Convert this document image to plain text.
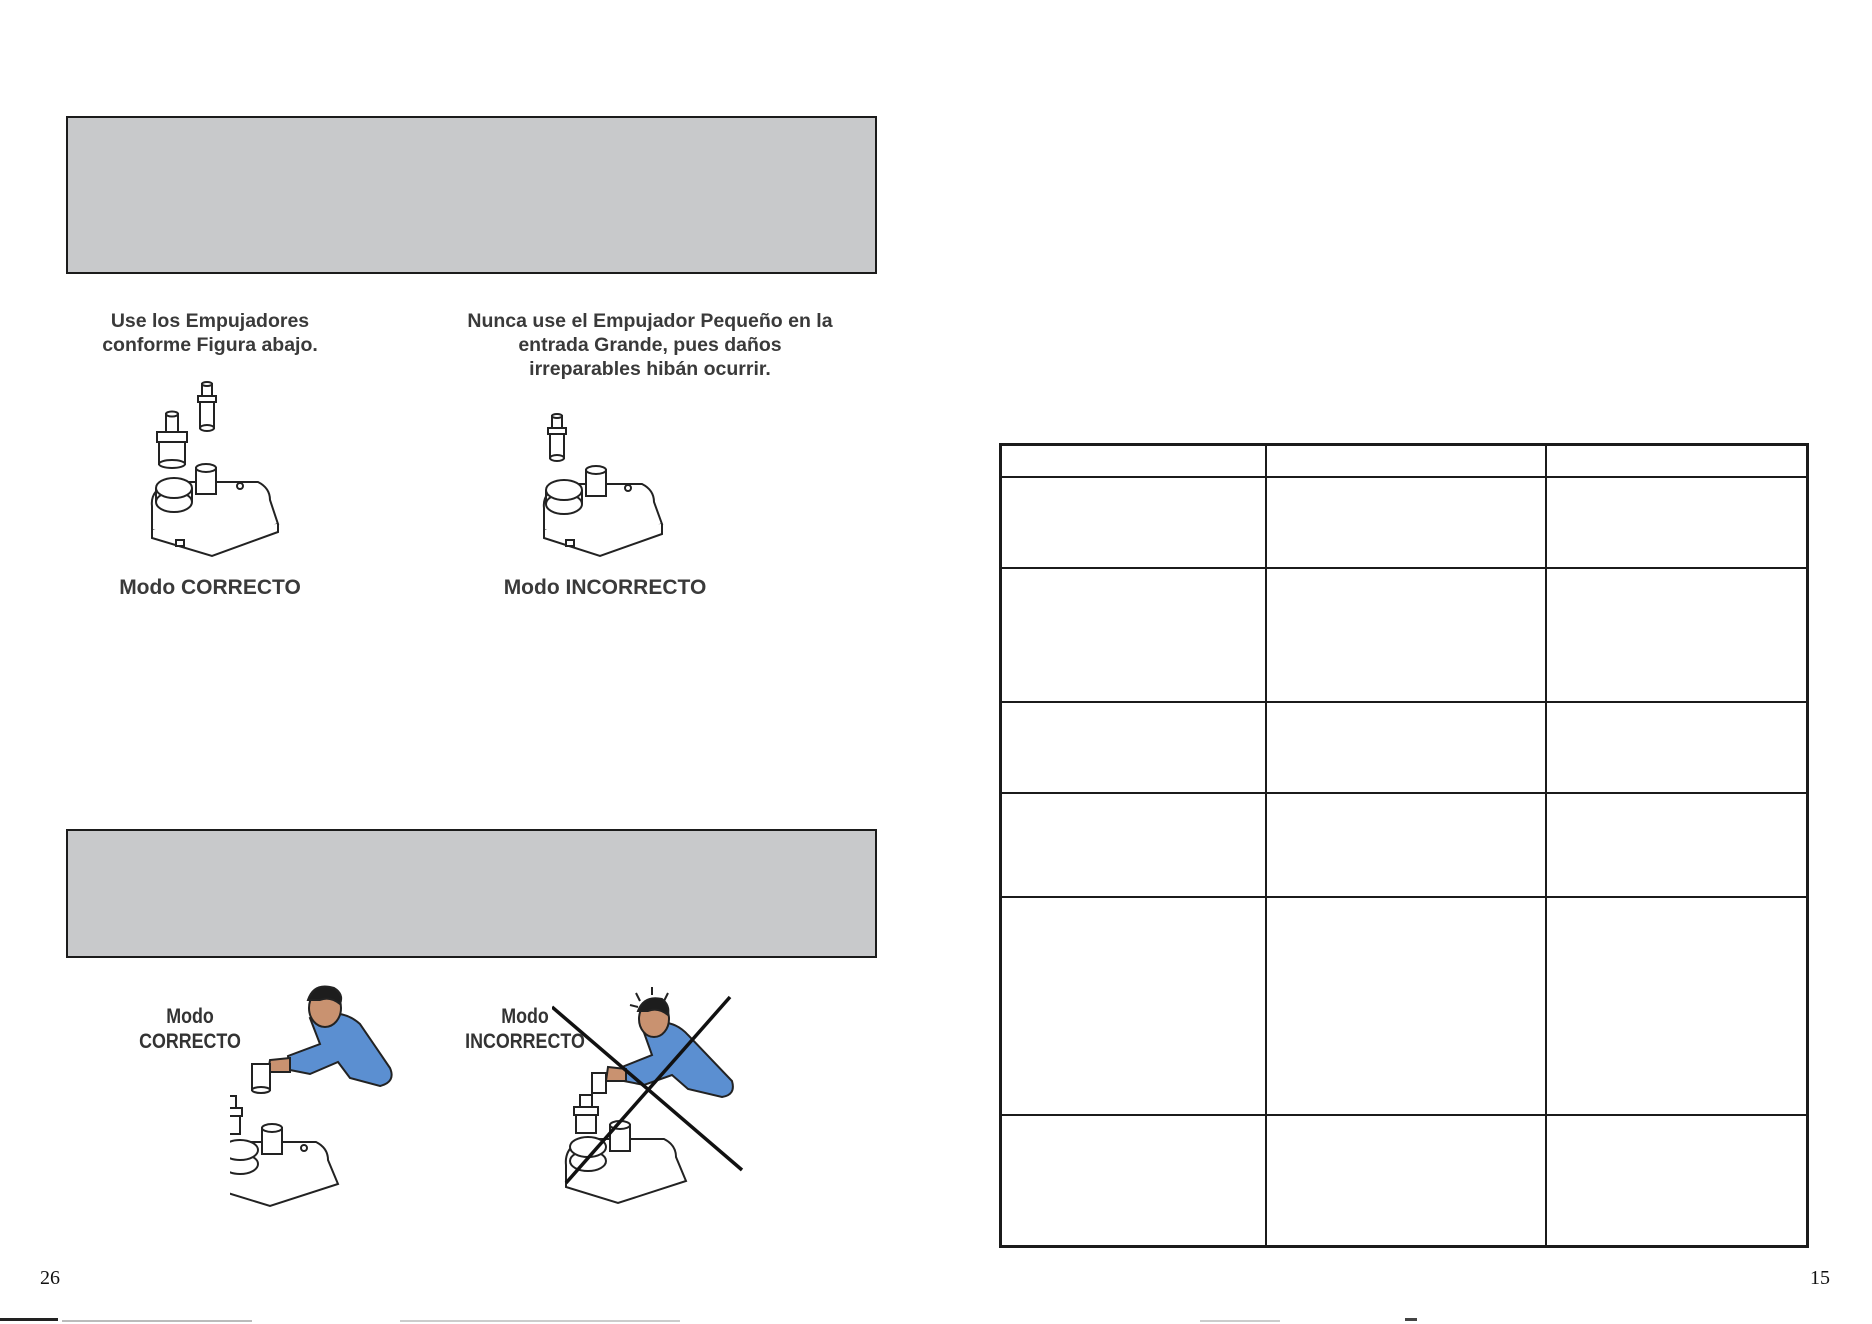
Use los Empujadores
conforme Figura abajo.
Nunca use el Empujador Pequeño en la
entrada Grande, pues daños
irreparables hibán ocurrir.
Modo CORRECTO	Modo INCORRECTO
Modo
CORRECTO
Modo
INCORRECTO
26

			15
